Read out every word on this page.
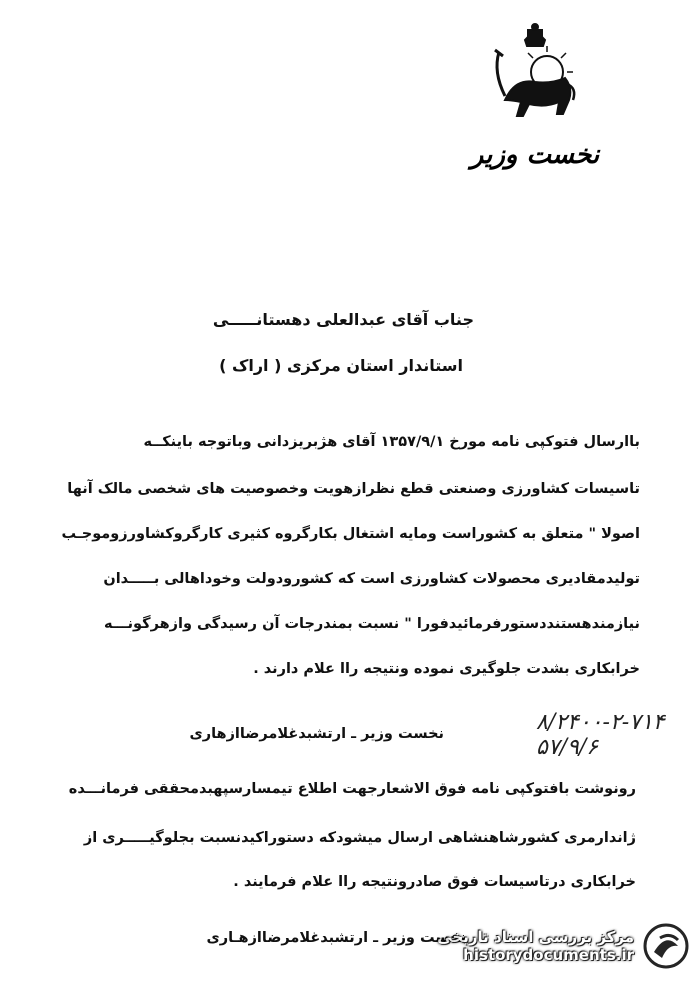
نخست وزیر
جناب آقای عبدالعلی دهستانـــــی
استاندار استان مرکزی ( اراک )
باارسال فتوکپی نامه مورخ ۱۳۵۷/۹/۱ آقای هژبریزدانی وباتوجه باینکــه
تاسیسات کشاورزی وصنعتی قطع نظرازهویت وخصوصیت های شخصی مالک آنها
اصولا " متعلق به کشوراست ومایه اشتغال بکارگروه کثیری کارگروکشاورزوموجـب
تولیدمقادیری محصولات کشاورزی است که کشورودولت وخوداهالی بـــــدان
نیازمندهستنددستورفرمائیدفورا " نسبت بمندرجات آن رسیدگی وازهرگونـــه
خرابکاری بشدت جلوگیری نموده ونتیجه راا علام دارند .
نخست وزیر ـ ارتشبدغلامرضاازهاری	۸/۲۴۰۰-۲-۷۱۴
۵۷/۹/۶
رونوشت بافتوکپی نامه فوق الاشعارجهت اطلاع تیمسارسپهبدمحققی فرمانـــده
ژاندارمری کشورشاهنشاهی ارسال میشودکه دستوراکیدنسبت بجلوگیـــــری از
خرابکاری درتاسیسات فوق صادرونتیجه راا علام فرمایند .
نخست وزیر ـ ارتشبدغلامرضاازهـاری
مرکز بررسی اسناد تاریخی
historydocuments.ir
